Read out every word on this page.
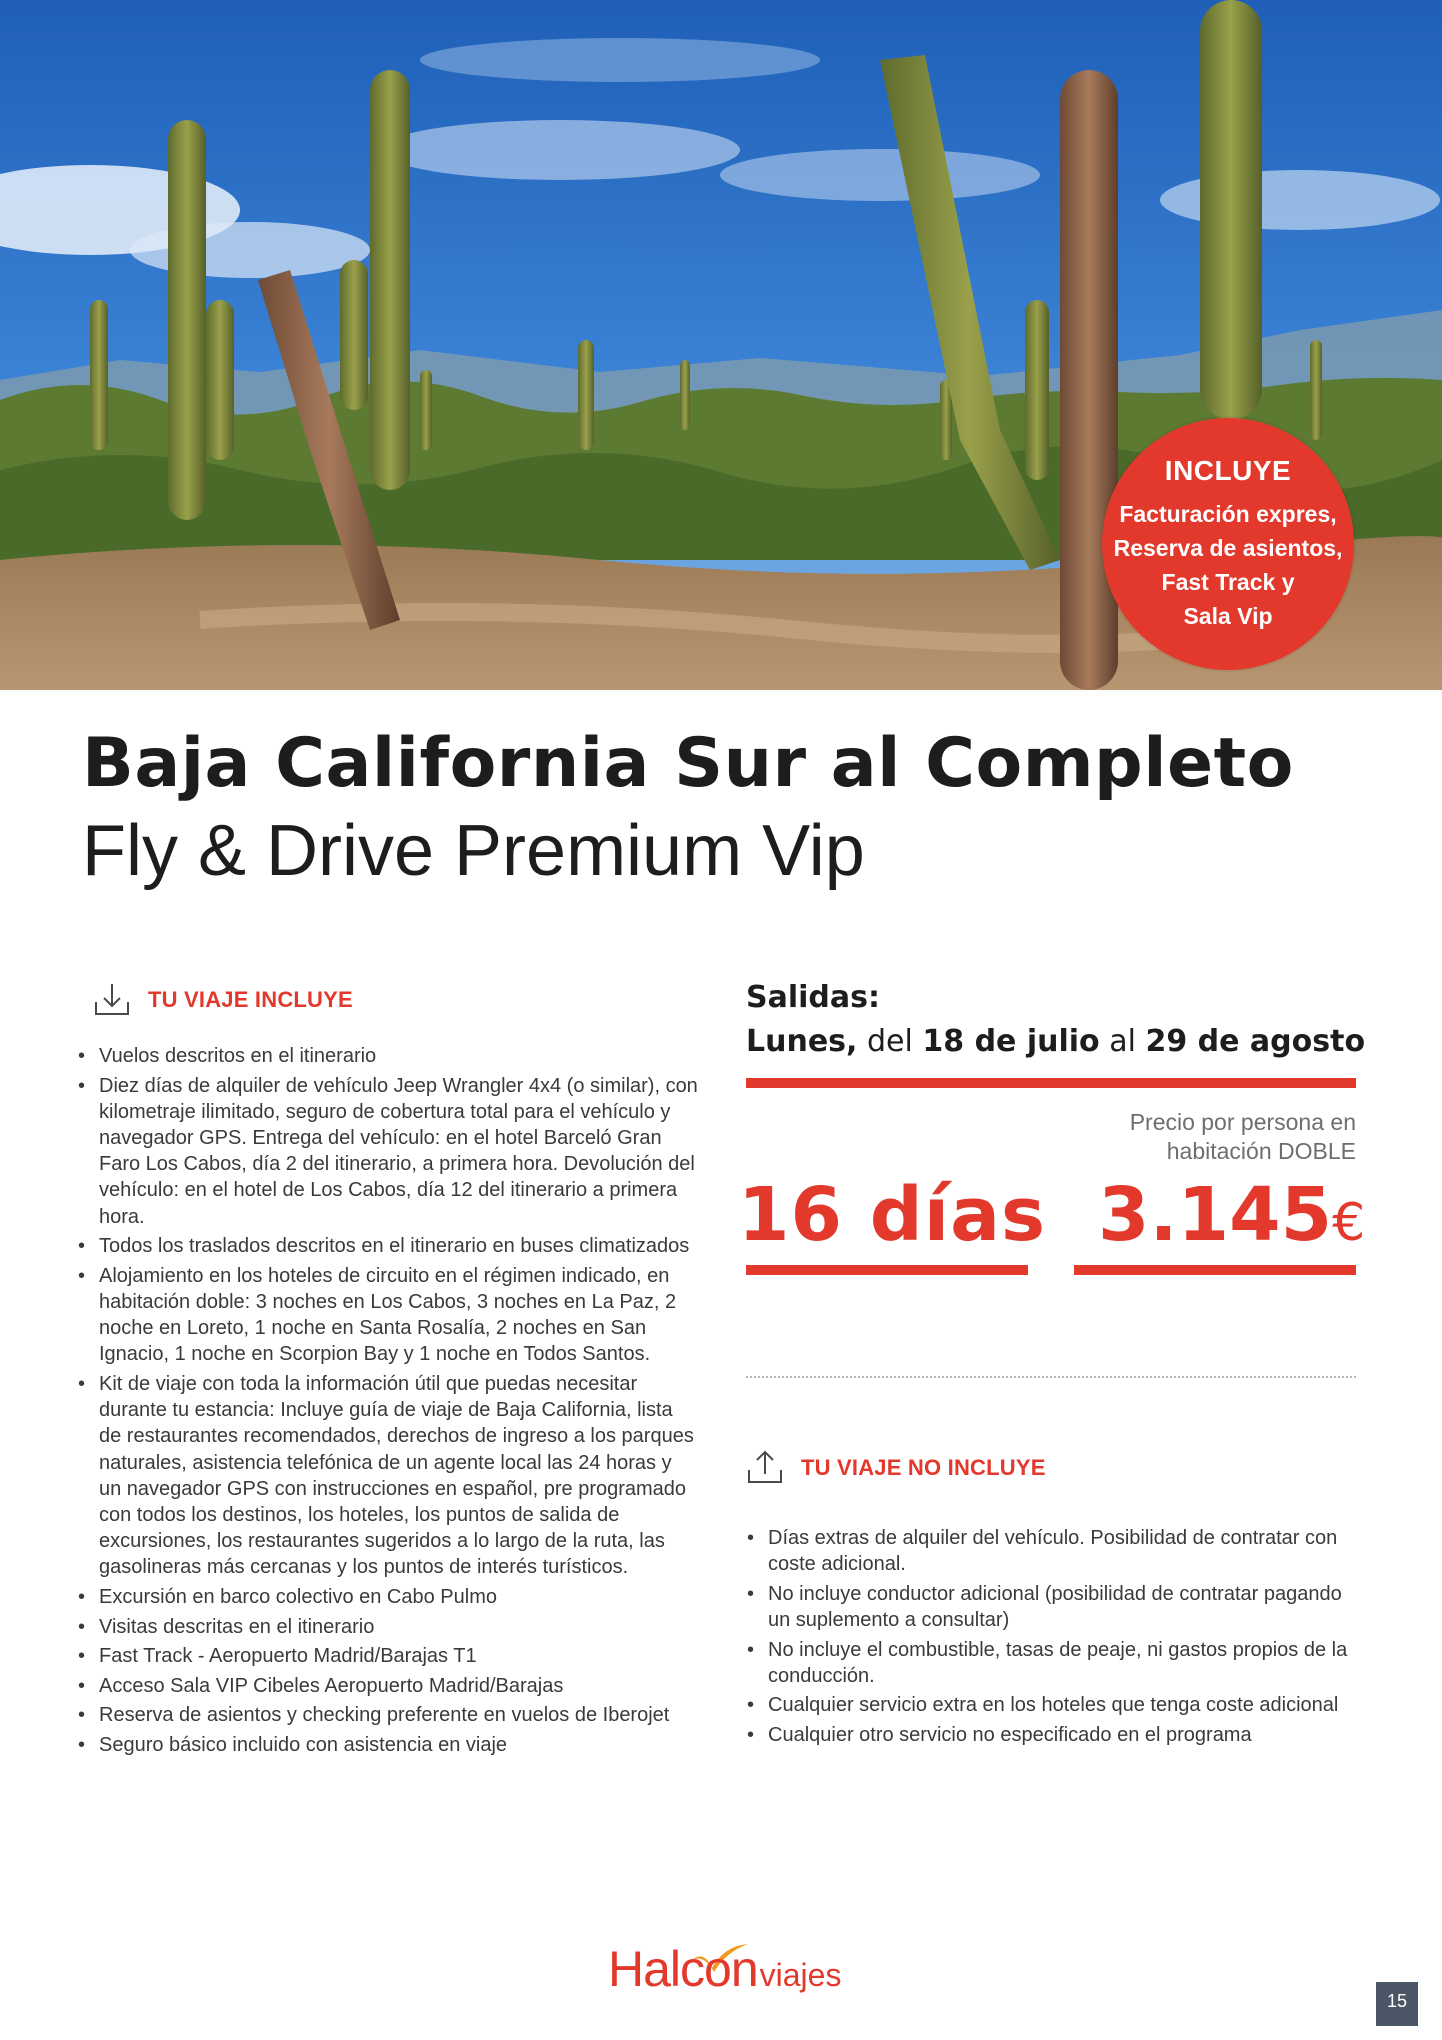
INCLUYE
Facturación expres,
Reserva de asientos,
Fast Track y
Sala Vip
Baja California Sur al Completo
Fly & Drive Premium Vip
TU VIAJE INCLUYE
• Vuelos descritos en el itinerario
• Diez días de alquiler de vehículo Jeep Wrangler 4x4 (o similar), con kilometraje ilimitado, seguro de cobertura total para el vehículo y navegador GPS. Entrega del vehículo: en el hotel Barceló Gran Faro Los Cabos, día 2 del itinerario, a primera hora. Devolución del vehículo: en el hotel de Los Cabos, día 12 del itinerario a primera hora.
• Todos los traslados descritos en el itinerario en buses climatizados
• Alojamiento en los hoteles de circuito en el régimen indicado, en habitación doble: 3 noches en Los Cabos, 3 noches en La Paz, 2 noche en Loreto, 1 noche en Santa Rosalía, 2 noches en San Ignacio, 1 noche en Scorpion Bay y 1 noche en Todos Santos.
• Kit de viaje con toda la información útil que puedas necesitar durante tu estancia: Incluye guía de viaje de Baja California, lista de restaurantes recomendados, derechos de ingreso a los parques naturales, asistencia telefónica de un agente local las 24 horas y un navegador GPS con instrucciones en español, pre programado con todos los destinos, los hoteles, los puntos de salida de excursiones, los restaurantes sugeridos a lo largo de la ruta, las gasolineras más cercanas y los puntos de interés turísticos.
• Excursión en barco colectivo en Cabo Pulmo
• Visitas descritas en el itinerario
• Fast Track - Aeropuerto Madrid/Barajas T1
• Acceso Sala VIP Cibeles Aeropuerto Madrid/Barajas
• Reserva de asientos y checking preferente en vuelos de Iberojet
• Seguro básico incluido con asistencia en viaje
Salidas:
Lunes, del 18 de julio al 29 de agosto
Precio por persona en
habitación DOBLE
16 días 3.145€
TU VIAJE NO INCLUYE
• Días extras de alquiler del vehículo. Posibilidad de contratar con coste adicional.
• No incluye conductor adicional (posibilidad de contratar pagando un suplemento a consultar)
• No incluye el combustible, tasas de peaje, ni gastos propios de la conducción.
• Cualquier servicio extra en los hoteles que tenga coste adicional
• Cualquier otro servicio no especificado en el programa
Halcon viajes
15
